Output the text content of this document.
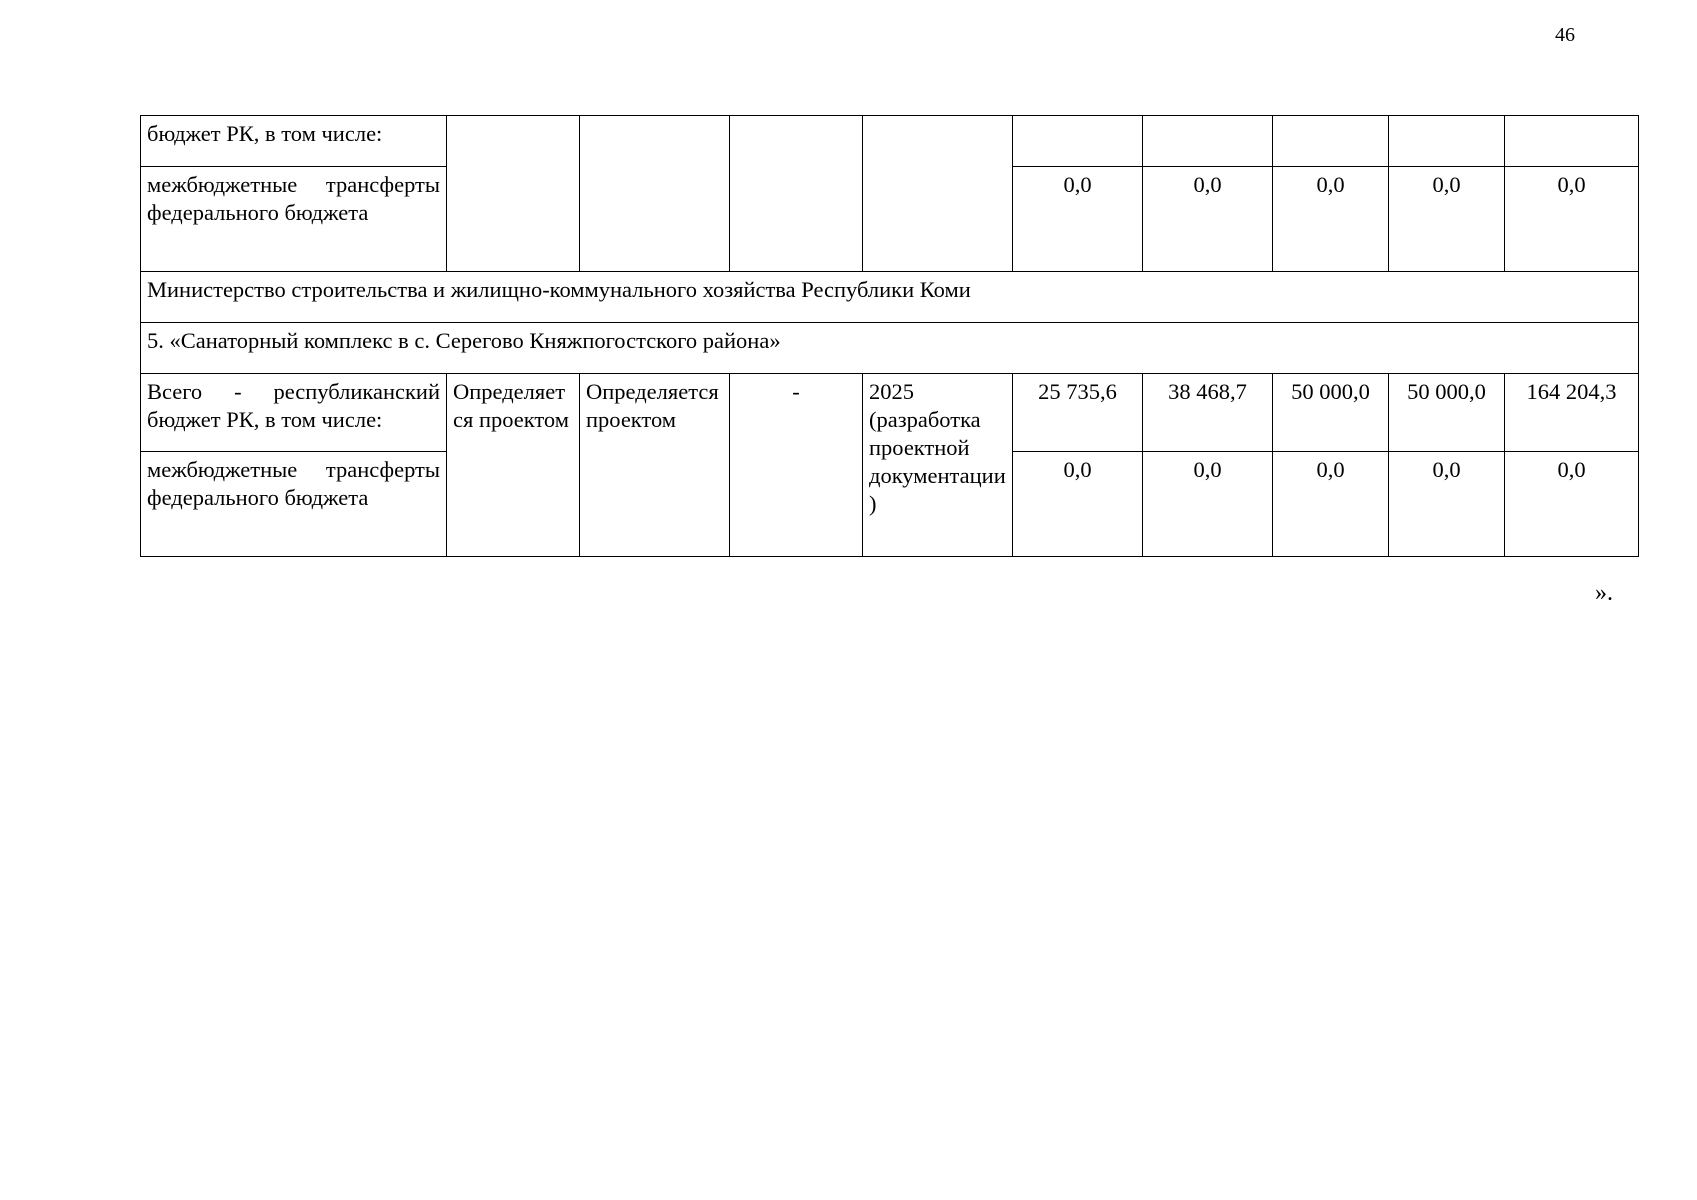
46
бюджет РК, в том числе:									
межбюджетные трансферты федерального бюджета					0,0	0,0	0,0	0,0	0,0
Министерство строительства и жилищно-коммунального хозяйства Республики Коми									
5. «Санаторный комплекс в с. Серегово Княжпогостского района»									
Всего - республиканский бюджет РК, в том числе:	Определяется проектом	Определяется проектом	-	2025 (разработка проектной документации)	25 735,6	38 468,7	50 000,0	50 000,0	164 204,3
межбюджетные трансферты федерального бюджета					0,0	0,0	0,0	0,0	0,0
».
